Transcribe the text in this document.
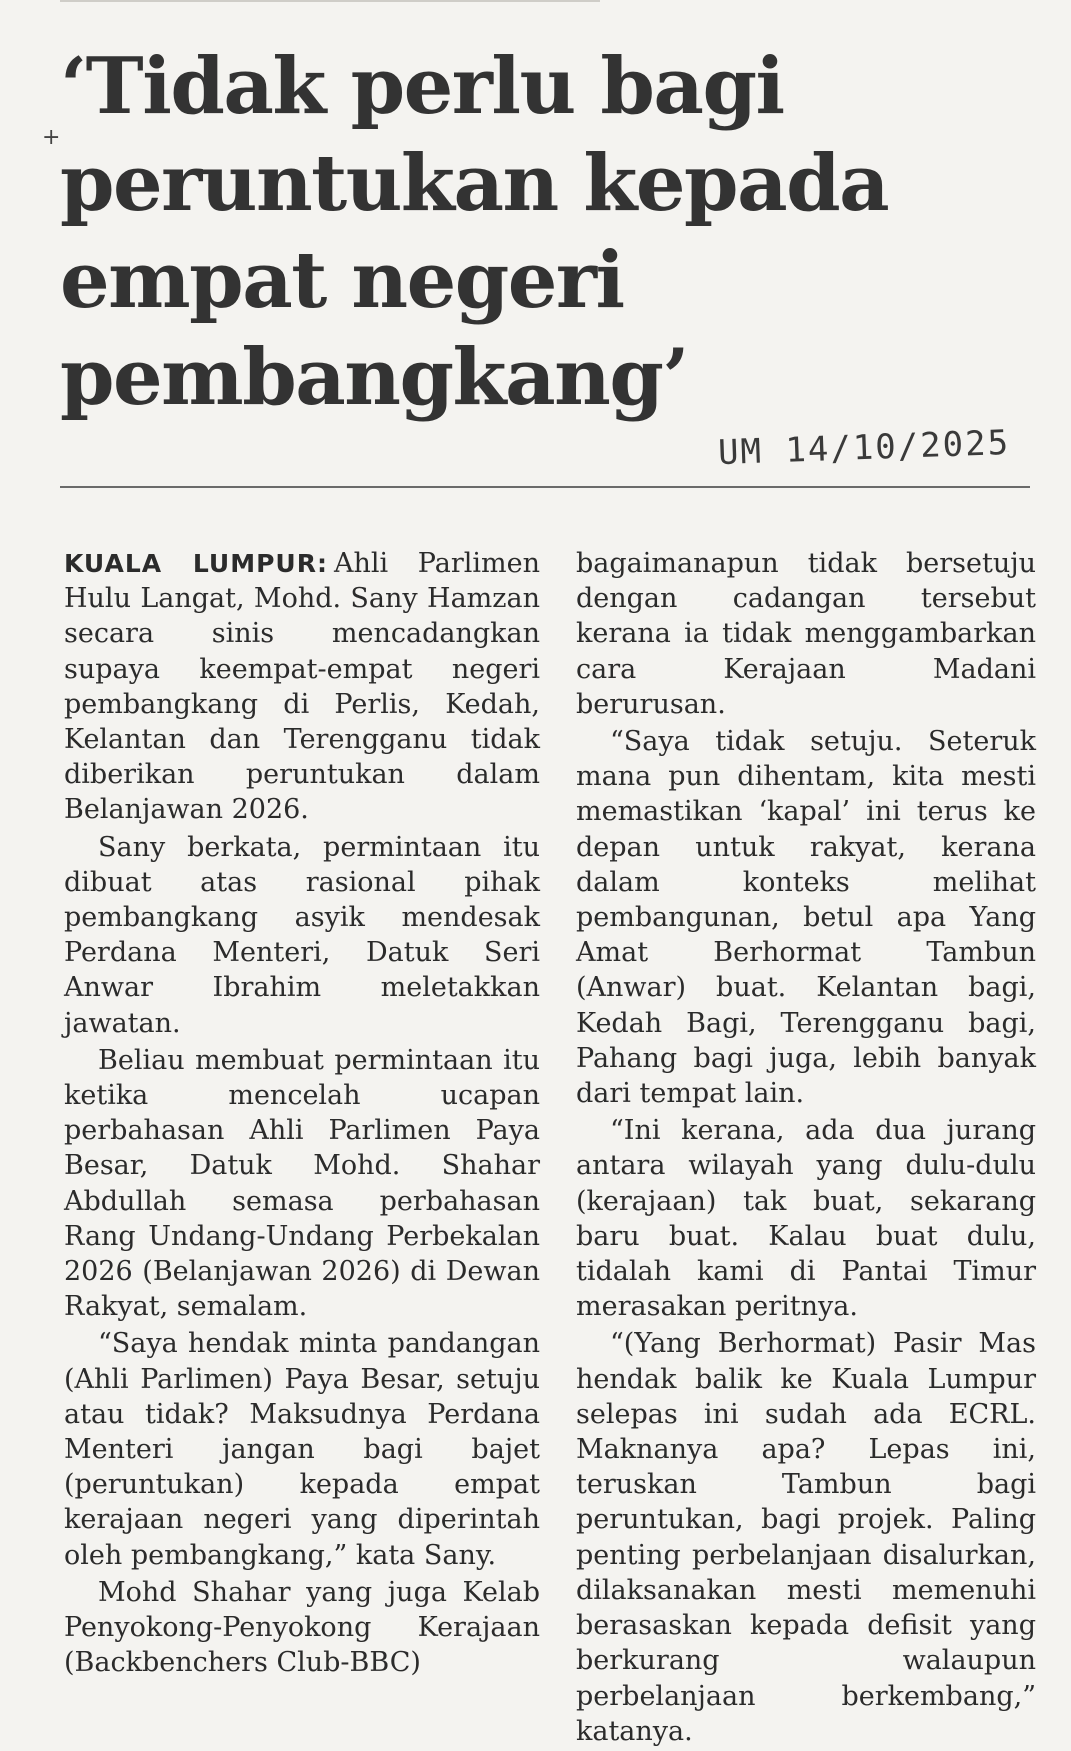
+
‘Tidak perlu bagi
peruntukan kepada
empat negeri
pembangkang’
UM 14/10/2025

KUALA LUMPUR: Ahli Parlimen Hulu Langat, Mohd. Sany Hamzan secara sinis mencadangkan supaya keempat-empat negeri pembangkang di Perlis, Kedah, Kelantan dan Terengganu tidak diberikan peruntukan dalam Belanjawan 2026.

Sany berkata, permintaan itu dibuat atas rasional pihak pembangkang asyik mendesak Perdana Menteri, Datuk Seri Anwar Ibrahim meletakkan jawatan.

Beliau membuat permintaan itu ketika mencelah ucapan perbahasan Ahli Parlimen Paya Besar, Datuk Mohd. Shahar Abdullah semasa perbahasan Rang Undang-Undang Perbekalan 2026 (Belanjawan 2026) di Dewan Rakyat, semalam.

“Saya hendak minta pandangan (Ahli Parlimen) Paya Besar, setuju atau tidak? Maksudnya Perdana Menteri jangan bagi bajet (peruntukan) kepada empat kerajaan negeri yang diperintah oleh pembangkang,” kata Sany.

Mohd Shahar yang juga Kelab Penyokong-Penyokong Kerajaan (Backbenchers Club-BBC)

bagaimanapun tidak bersetuju dengan cadangan tersebut kerana ia tidak menggambarkan cara Kerajaan Madani berurusan.

“Saya tidak setuju. Seteruk mana pun dihentam, kita mesti memastikan ‘kapal’ ini terus ke depan untuk rakyat, kerana dalam konteks melihat pembangunan, betul apa Yang Amat Berhormat Tambun (Anwar) buat. Kelantan bagi, Kedah Bagi, Terengganu bagi, Pahang bagi juga, lebih banyak dari tempat lain.

“Ini kerana, ada dua jurang antara wilayah yang dulu-dulu (kerajaan) tak buat, sekarang baru buat. Kalau buat dulu, tidalah kami di Pantai Timur merasakan peritnya.

“(Yang Berhormat) Pasir Mas hendak balik ke Kuala Lumpur selepas ini sudah ada ECRL. Maknanya apa? Lepas ini, teruskan Tambun bagi peruntukan, bagi projek. Paling penting perbelanjaan disalurkan, dilaksanakan mesti memenuhi berasaskan kepada defisit yang berkurang walaupun perbelanjaan berkembang,” katanya.
